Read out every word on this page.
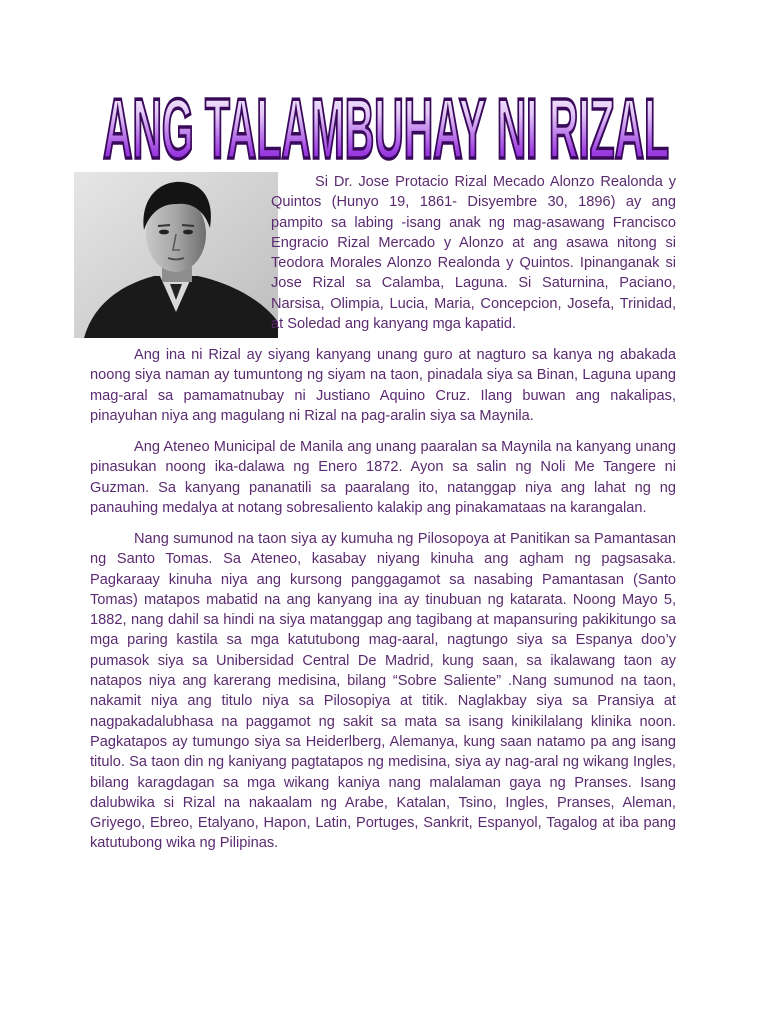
ANG TALAMBUHAY NI RIZAL

Si Dr. Jose Protacio Rizal Mecado Alonzo Realonda y Quintos (Hunyo 19, 1861- Disyembre 30, 1896) ay ang pampito sa labing -isang anak ng mag-asawang Francisco Engracio Rizal Mercado y Alonzo at ang asawa nitong si Teodora Morales Alonzo Realonda y Quintos. Ipinanganak si Jose Rizal sa Calamba, Laguna. Si Saturnina, Paciano, Narsisa, Olimpia, Lucia, Maria, Concepcion, Josefa, Trinidad, at Soledad ang kanyang mga kapatid.

Ang ina ni Rizal ay siyang kanyang unang guro at nagturo sa kanya ng abakada noong siya naman ay tumuntong ng siyam na taon, pinadala siya sa Binan, Laguna upang mag-aral sa pamamatnubay ni Justiano Aquino Cruz. Ilang buwan ang nakalipas, pinayuhan niya ang magulang ni Rizal na pag-aralin siya sa Maynila.

Ang Ateneo Municipal de Manila ang unang paaralan sa Maynila na kanyang unang pinasukan noong ika-dalawa ng Enero 1872. Ayon sa salin ng Noli Me Tangere ni Guzman. Sa kanyang pananatili sa paaralang ito, natanggap niya ang lahat ng ng panauhing medalya at notang sobresaliento kalakip ang pinakamataas na karangalan.

Nang sumunod na taon siya ay kumuha ng Pilosopoya at Panitikan sa Pamantasan ng Santo Tomas. Sa Ateneo, kasabay niyang kinuha ang agham ng pagsasaka. Pagkaraay kinuha niya ang kursong panggagamot sa nasabing Pamantasan (Santo Tomas) matapos mabatid na ang kanyang ina ay tinubuan ng katarata. Noong Mayo 5, 1882, nang dahil sa hindi na siya matanggap ang tagibang at mapansuring pakikitungo sa mga paring kastila sa mga katutubong mag-aaral, nagtungo siya sa Espanya doo’y pumasok siya sa Unibersidad Central De Madrid, kung saan, sa ikalawang taon ay natapos niya ang karerang medisina, bilang “Sobre Saliente” .Nang sumunod na taon, nakamit niya ang titulo niya sa Pilosopiya at titik. Naglakbay siya sa Pransiya at nagpakadalubhasa na paggamot ng sakit sa mata sa isang kinikilalang klinika noon. Pagkatapos ay tumungo siya sa Heiderlberg, Alemanya, kung saan natamo pa ang isang titulo. Sa taon din ng kaniyang pagtatapos ng medisina, siya ay nag-aral ng wikang Ingles, bilang karagdagan sa mga wikang kaniya nang malalaman gaya ng Pranses. Isang dalubwika si Rizal na nakaalam ng Arabe, Katalan, Tsino, Ingles, Pranses, Aleman, Griyego, Ebreo, Etalyano, Hapon, Latin, Portuges, Sankrit, Espanyol, Tagalog at iba pang katutubong wika ng Pilipinas.
